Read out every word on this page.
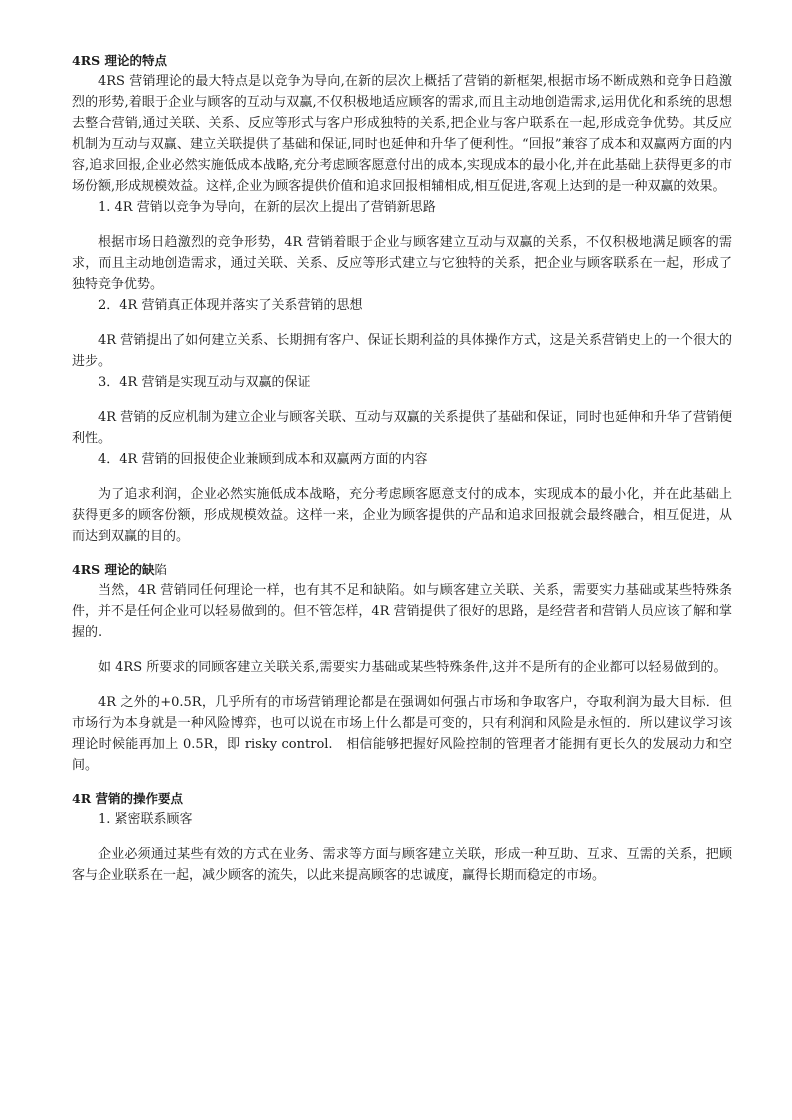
4RS 理论的特点

4RS 营销理论的最大特点是以竞争为导向,在新的层次上概括了营销的新框架,根据市场不断成熟和竞争日趋激烈的形势,着眼于企业与顾客的互动与双赢,不仅积极地适应顾客的需求,而且主动地创造需求,运用优化和系统的思想去整合营销,通过关联、关系、反应等形式与客户形成独特的关系,把企业与客户联系在一起,形成竞争优势。其反应机制为互动与双赢、建立关联提供了基础和保证,同时也延伸和升华了便利性。“回报”兼容了成本和双赢两方面的内容,追求回报,企业必然实施低成本战略,充分考虑顾客愿意付出的成本,实现成本的最小化,并在此基础上获得更多的市场份额,形成规模效益。这样,企业为顾客提供价值和追求回报相辅相成,相互促进,客观上达到的是一种双赢的效果。

1. 4R 营销以竞争为导向，在新的层次上提出了营销新思路

根据市场日趋激烈的竞争形势，4R 营销着眼于企业与顾客建立互动与双赢的关系，不仅积极地满足顾客的需求，而且主动地创造需求，通过关联、关系、反应等形式建立与它独特的关系，把企业与顾客联系在一起，形成了独特竞争优势。

2．4R 营销真正体现并落实了关系营销的思想

4R 营销提出了如何建立关系、长期拥有客户、保证长期利益的具体操作方式，这是关系营销史上的一个很大的进步。

3．4R 营销是实现互动与双赢的保证

4R 营销的反应机制为建立企业与顾客关联、互动与双赢的关系提供了基础和保证，同时也延伸和升华了营销便利性。

4．4R 营销的回报使企业兼顾到成本和双赢两方面的内容

为了追求利润，企业必然实施低成本战略，充分考虑顾客愿意支付的成本，实现成本的最小化，并在此基础上获得更多的顾客份额，形成规模效益。这样一来，企业为顾客提供的产品和追求回报就会最终融合，相互促进，从而达到双赢的目的。

4RS 理论的缺陷

当然，4R 营销同任何理论一样，也有其不足和缺陷。如与顾客建立关联、关系，需要实力基础或某些特殊条件，并不是任何企业可以轻易做到的。但不管怎样，4R 营销提供了很好的思路，是经营者和营销人员应该了解和掌握的.

如 4RS 所要求的同顾客建立关联关系,需要实力基础或某些特殊条件,这并不是所有的企业都可以轻易做到的。

4R 之外的+0.5R，几乎所有的市场营销理论都是在强调如何强占市场和争取客户，夺取利润为最大目标．但市场行为本身就是一种风险博弈，也可以说在市场上什么都是可变的，只有利润和风险是永恒的．所以建议学习该理论时候能再加上 0.5R，即 risky control.　相信能够把握好风险控制的管理者才能拥有更长久的发展动力和空间。

4R 营销的操作要点
1. 紧密联系顾客

企业必须通过某些有效的方式在业务、需求等方面与顾客建立关联，形成一种互助、互求、互需的关系，把顾客与企业联系在一起，减少顾客的流失，以此来提高顾客的忠诚度，赢得长期而稳定的市场。
